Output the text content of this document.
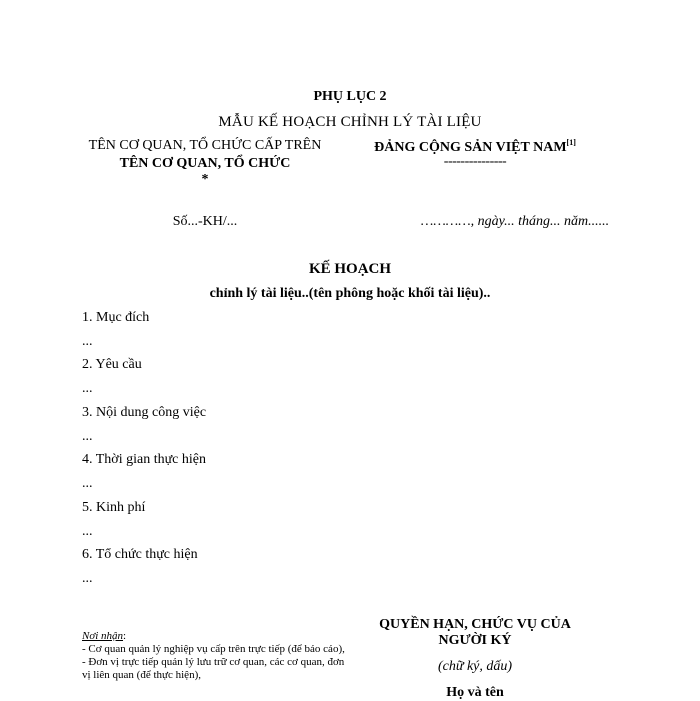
PHỤ LỤC 2
MẪU KẾ HOẠCH CHỈNH LÝ TÀI LIỆU
TÊN CƠ QUAN, TỔ CHỨC CẤP TRÊN
TÊN CƠ QUAN, TỔ CHỨC
*
ĐẢNG CỘNG SẢN VIỆT NAM[1]
---------------
Số...-KH/...	…………, ngày... tháng... năm......
KẾ HOẠCH
chỉnh lý tài liệu..(tên phông hoặc khối tài liệu)..
1. Mục đích
...
2. Yêu cầu
...
3. Nội dung công việc
...
4. Thời gian thực hiện
...
5. Kinh phí
...
6. Tổ chức thực hiện
...
Nơi nhận:
- Cơ quan quản lý nghiệp vụ cấp trên trực tiếp (để báo cáo),
- Đơn vị trực tiếp quản lý lưu trữ cơ quan, các cơ quan, đơn vị liên quan (để thực hiện),
QUYỀN HẠN, CHỨC VỤ CỦA NGƯỜI KÝ
(chữ ký, dấu)
Họ và tên
